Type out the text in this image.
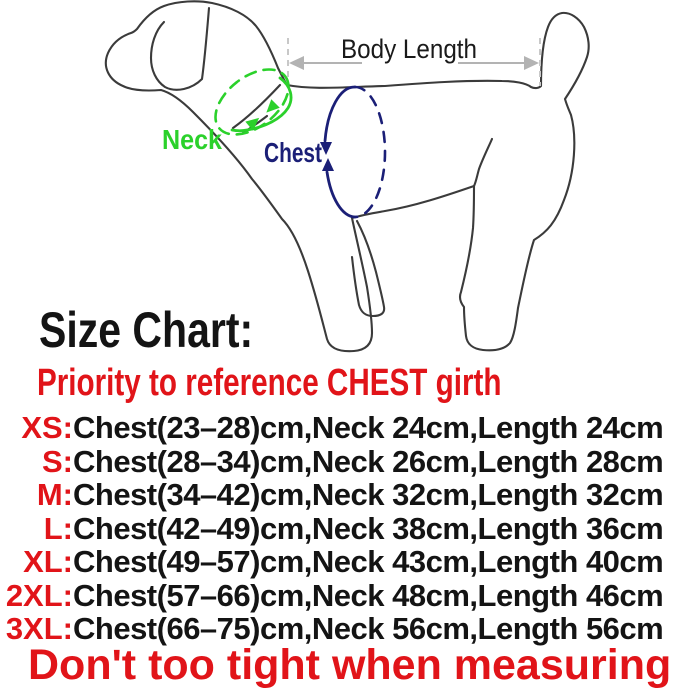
Body Length
Neck Chest
Size Chart:
Priority to reference CHEST girth
XS: Chest(23–28)cm,Neck 24cm,Length 24cm
S: Chest(28–34)cm,Neck 26cm,Length 28cm
M: Chest(34–42)cm,Neck 32cm,Length 32cm
L: Chest(42–49)cm,Neck 38cm,Length 36cm
XL: Chest(49–57)cm,Neck 43cm,Length 40cm
2XL: Chest(57–66)cm,Neck 48cm,Length 46cm
3XL: Chest(66–75)cm,Neck 56cm,Length 56cm
Don't too tight when measuring
